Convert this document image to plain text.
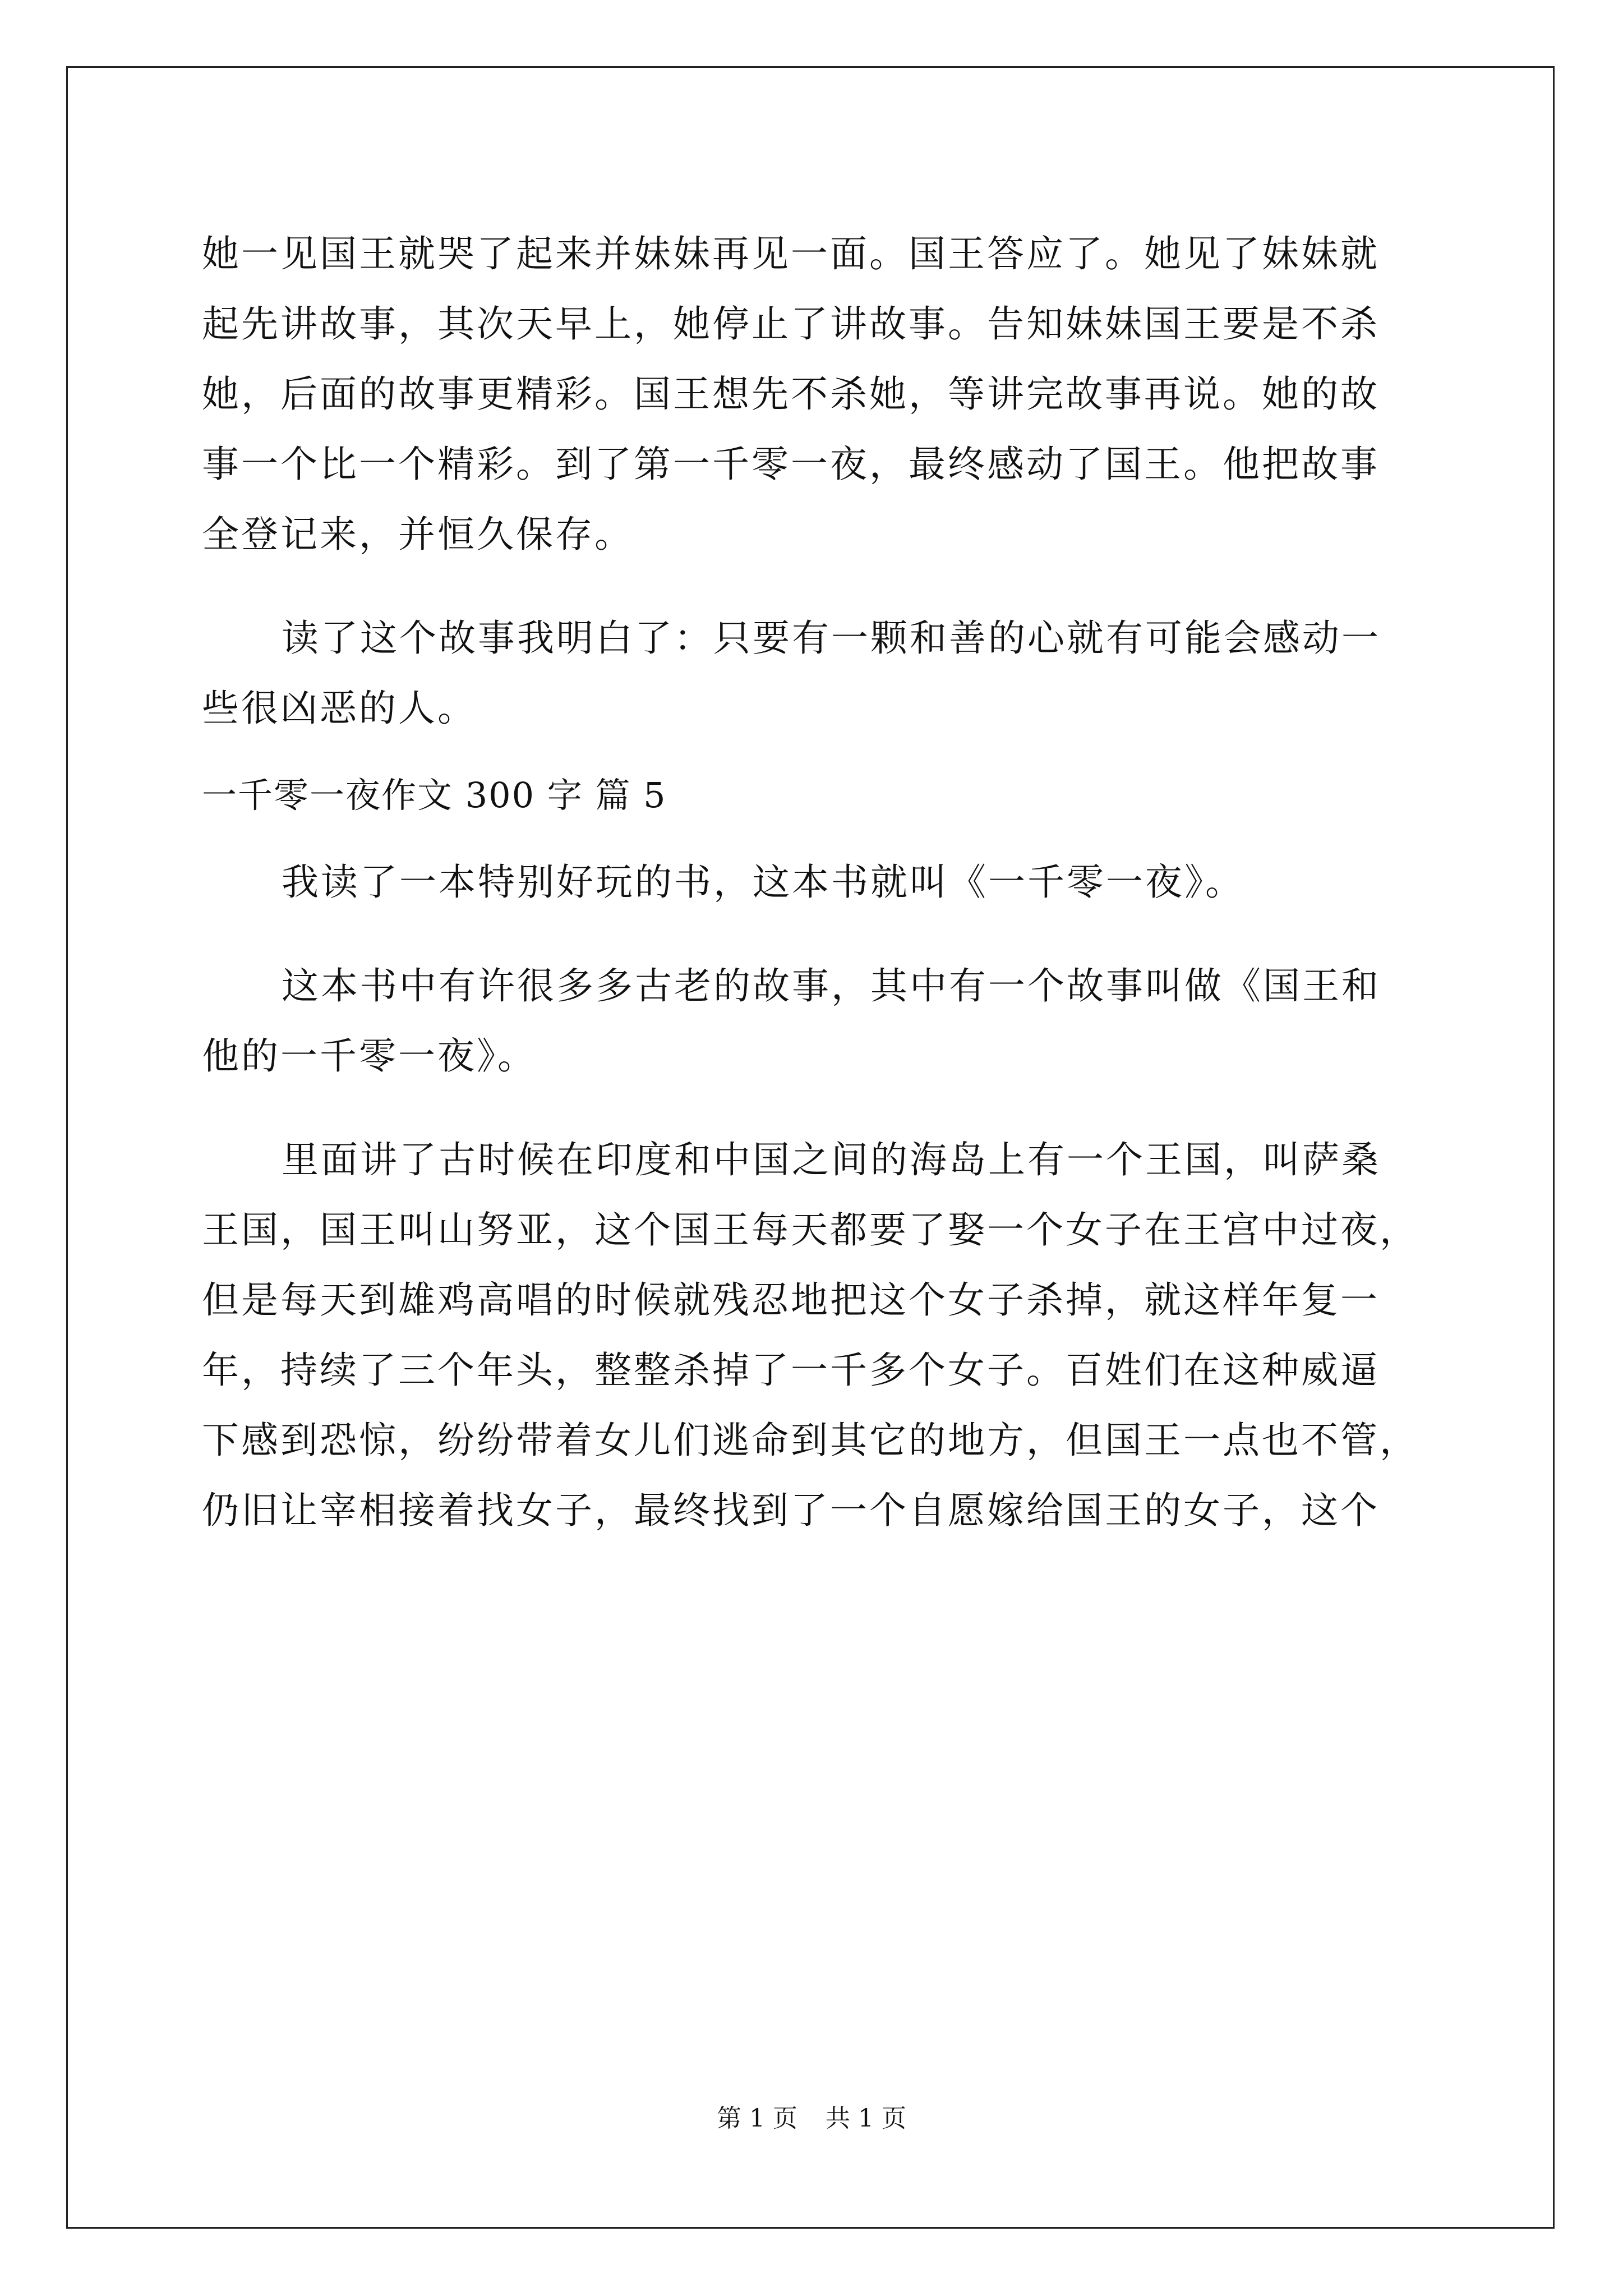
她一见国王就哭了起来并妹妹再见一面。国王答应了。她见了妹妹就
起先讲故事，其次天早上，她停止了讲故事。告知妹妹国王要是不杀
她，后面的故事更精彩。国王想先不杀她，等讲完故事再说。她的故
事一个比一个精彩。到了第一千零一夜，最终感动了国王。他把故事
全登记来，并恒久保存。
读了这个故事我明白了：只要有一颗和善的心就有可能会感动一
些很凶恶的人。
一千零一夜作文 300 字 篇 5
我读了一本特别好玩的书，这本书就叫《一千零一夜》。
这本书中有许很多多古老的故事，其中有一个故事叫做《国王和
他的一千零一夜》。
里面讲了古时候在印度和中国之间的海岛上有一个王国，叫萨桑
王国，国王叫山努亚，这个国王每天都要了娶一个女子在王宫中过夜，
但是每天到雄鸡高唱的时候就残忍地把这个女子杀掉，就这样年复一
年，持续了三个年头，整整杀掉了一千多个女子。百姓们在这种威逼
下感到恐惊，纷纷带着女儿们逃命到其它的地方，但国王一点也不管，
仍旧让宰相接着找女子，最终找到了一个自愿嫁给国王的女子，这个
第 1 页 共 1 页
